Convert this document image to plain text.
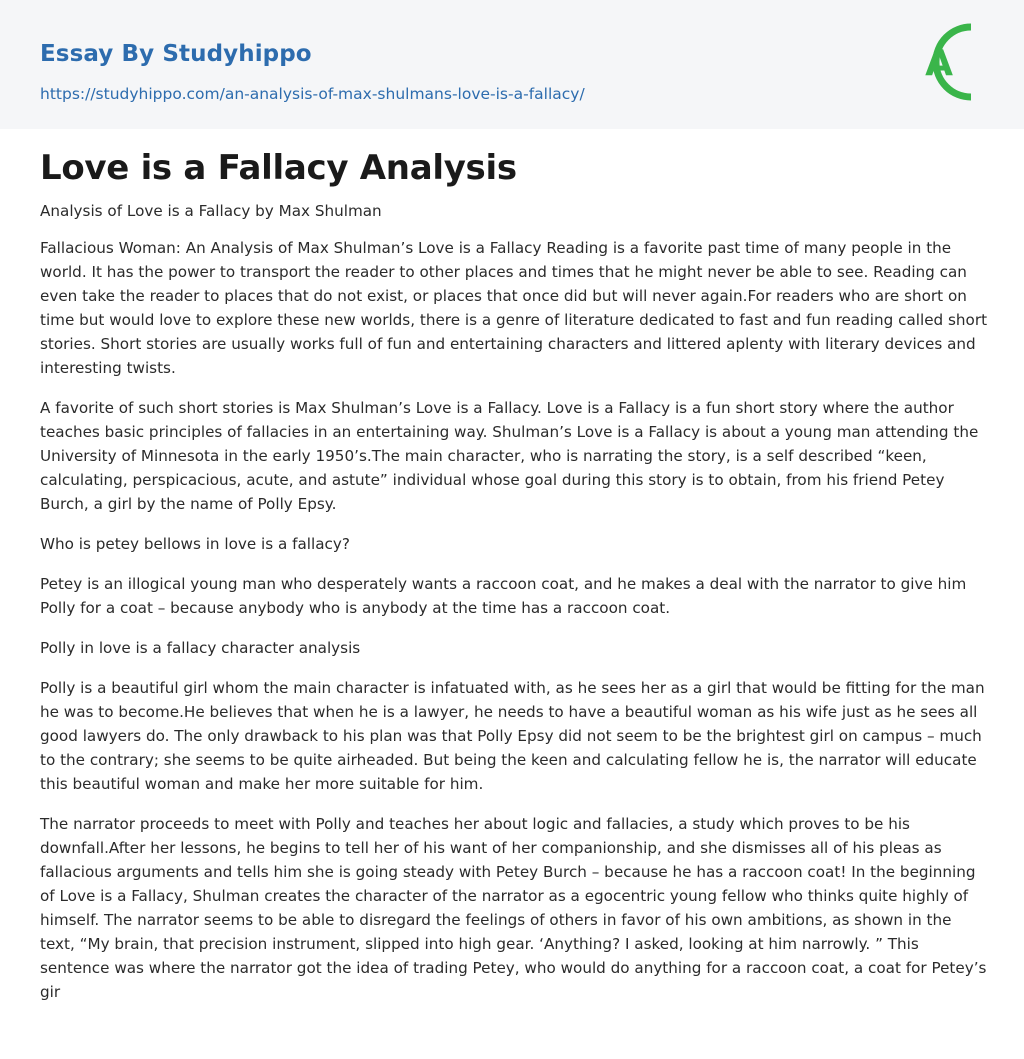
Essay By Studyhippo
https://studyhippo.com/an-analysis-of-max-shulmans-love-is-a-fallacy/
A
Love is a Fallacy Analysis

Analysis of Love is a Fallacy by Max Shulman

Fallacious Woman: An Analysis of Max Shulman’s Love is a Fallacy Reading is a favorite past time of many people in the world. It has the power to transport the reader to other places and times that he might never be able to see. Reading can even take the reader to places that do not exist, or places that once did but will never again.For readers who are short on time but would love to explore these new worlds, there is a genre of literature dedicated to fast and fun reading called short stories. Short stories are usually works full of fun and entertaining characters and littered aplenty with literary devices and interesting twists.

A favorite of such short stories is Max Shulman’s Love is a Fallacy. Love is a Fallacy is a fun short story where the author teaches basic principles of fallacies in an entertaining way. Shulman’s Love is a Fallacy is about a young man attending the University of Minnesota in the early 1950’s.The main character, who is narrating the story, is a self described “keen, calculating, perspicacious, acute, and astute” individual whose goal during this story is to obtain, from his friend Petey Burch, a girl by the name of Polly Epsy.

Who is petey bellows in love is a fallacy?

Petey is an illogical young man who desperately wants a raccoon coat, and he makes a deal with the narrator to give him Polly for a coat – because anybody who is anybody at the time has a raccoon coat.

Polly in love is a fallacy character analysis

Polly is a beautiful girl whom the main character is infatuated with, as he sees her as a girl that would be fitting for the man he was to become.He believes that when he is a lawyer, he needs to have a beautiful woman as his wife just as he sees all good lawyers do. The only drawback to his plan was that Polly Epsy did not seem to be the brightest girl on campus – much to the contrary; she seems to be quite airheaded. But being the keen and calculating fellow he is, the narrator will educate this beautiful woman and make her more suitable for him.

The narrator proceeds to meet with Polly and teaches her about logic and fallacies, a study which proves to be his downfall.After her lessons, he begins to tell her of his want of her companionship, and she dismisses all of his pleas as fallacious arguments and tells him she is going steady with Petey Burch – because he has a raccoon coat! In the beginning of Love is a Fallacy, Shulman creates the character of the narrator as a egocentric young fellow who thinks quite highly of himself. The narrator seems to be able to disregard the feelings of others in favor of his own ambitions, as shown in the text, “My brain, that precision instrument, slipped into high gear. ‘Anything? I asked, looking at him narrowly. ” This sentence was where the narrator got the idea of trading Petey, who would do anything for a raccoon coat, a coat for Petey’s gir
